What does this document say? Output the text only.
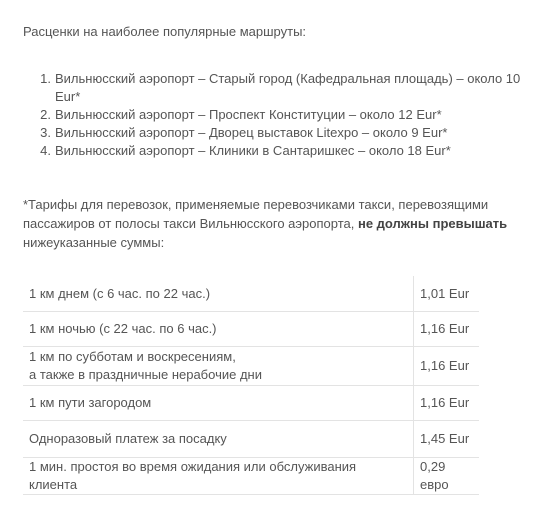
Расценки на наиболее популярные маршруты:

1. Вильнюсский аэропорт – Старый город (Кафедральная площадь) – около 10
Eur*
2. Вильнюсский аэропорт – Проспект Конституции – около 12 Eur*
3. Вильнюсский аэропорт – Дворец выставок Litexpo – около 9 Eur*
4. Вильнюсский аэропорт – Клиники в Сантаришкес – около 18 Eur*

*Тарифы для перевозок, применяемые перевозчиками такси, перевозящими пассажиров от полосы такси Вильнюсского аэропорта, не должны превышать нижеуказанные суммы:

1 км днем (с 6 час. по 22 час.)	1,01 Eur
1 км ночью (с 22 час. по 6 час.)	1,16 Eur
1 км по субботам и воскресениям,
а также в праздничные нерабочие дни	1,16 Eur
1 км пути загородом	1,16 Eur
Одноразовый платеж за посадку	1,45 Eur
1 мин. простоя во время ожидания или обслуживания клиента	0,29 евро
